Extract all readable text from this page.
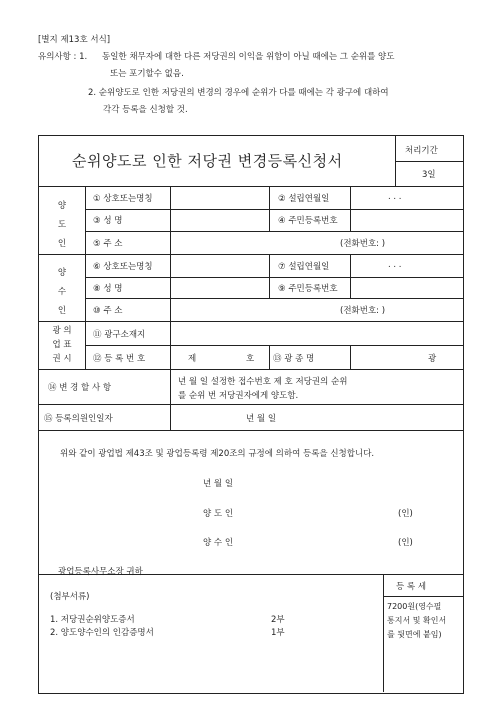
[별지 제13호 서식]
유의사항 : 1. 동일한 채무자에 대한 다른 저당권의 이익을 위함이 아닐 때에는 그 순위를 양도
또는 포기할수 없음.
2. 순위양도로 인한 저당권의 변경의 경우에 순위가 다를 때에는 각 광구에 대하여
각각 등록을 신청할 것.
순위양도로 인한 저당권 변경등록신청서
처리기간
3일
양
도
인
① 상호또는명칭	② 설립연월일	. . .
③ 성 명	④ 주민등록번호
⑤ 주 소	(전화번호: )
양
수
인
⑥ 상호또는명칭	⑦ 설립연월일	. . .
⑧ 성 명	⑨ 주민등록번호
⑩ 주 소	(전화번호: )
광 의
업 표
권 시
⑪ 광구소재지
⑫ 등 록 번 호	제	호 ⑬ 광 종 명	광
⑭ 변 경 할 사 항
년 월 일 설정한 접수번호 제 호 저당권의 순위
를 순위 번 저당권자에게 양도함.
⑮ 등록의원인일자	년 월 일
위와 같이 광업법 제43조 및 광업등록령 제20조의 규정에 의하여 등록을 신청합니다.
년 월 일
양 도 인	(인)
양 수 인	(인)
광업등록사무소장 귀하
(첨부서류)
1. 저당권순위양도증서	2부
2. 양도양수인의 인감증명서	1부
등 록 세
7200원(영수필
통지서 및 확인서
를 뒷면에 붙임)
